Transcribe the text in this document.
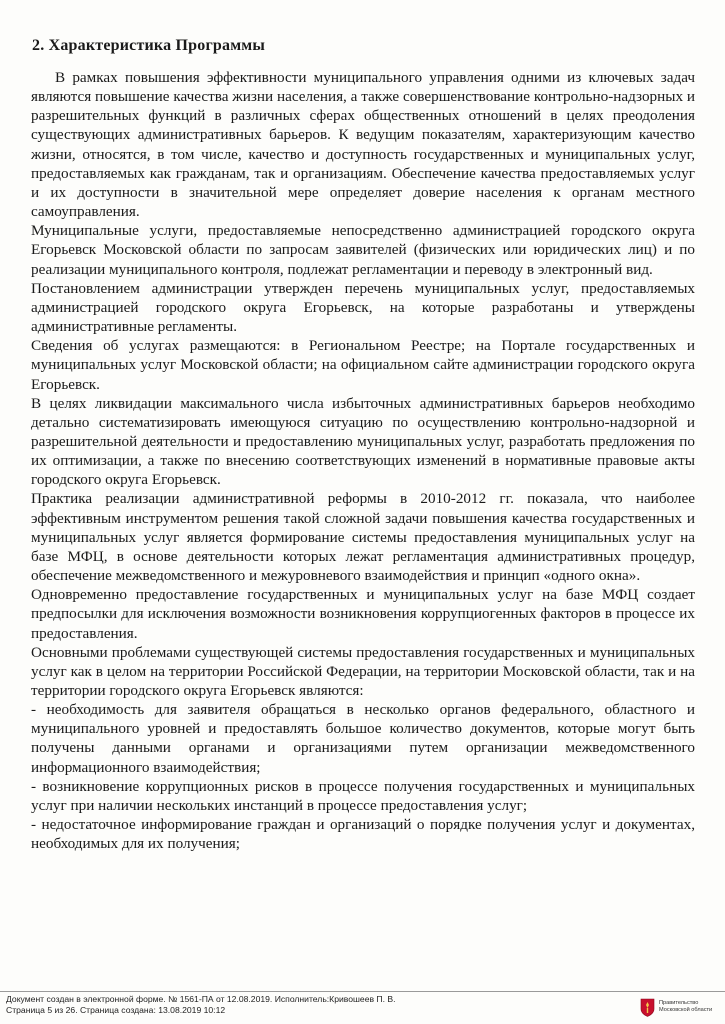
2. Характеристика Программы

В рамках повышения эффективности муниципального управления одними из ключевых задач являются повышение качества жизни населения, а также совершенствование контрольно-надзорных и разрешительных функций в различных сферах общественных отношений в целях преодоления существующих административных барьеров. К ведущим показателям, характеризующим качество жизни, относятся, в том числе, качество и доступность государственных и муниципальных услуг, предоставляемых как гражданам, так и организациям. Обеспечение качества предоставляемых услуг и их доступности в значительной мере определяет доверие населения к органам местного самоуправления.

Муниципальные услуги, предоставляемые непосредственно администрацией городского округа Егорьевск Московской области по запросам заявителей (физических или юридических лиц) и по реализации муниципального контроля, подлежат регламентации и переводу в электронный вид.

Постановлением администрации утвержден перечень муниципальных услуг, предоставляемых администрацией городского округа Егорьевск, на которые разработаны и утверждены административные регламенты.

Сведения об услугах размещаются: в Региональном Реестре; на Портале государственных и муниципальных услуг Московской области; на официальном сайте администрации городского округа Егорьевск.

В целях ликвидации максимального числа избыточных административных барьеров необходимо детально систематизировать имеющуюся ситуацию по осуществлению контрольно-надзорной и разрешительной деятельности и предоставлению муниципальных услуг, разработать предложения по их оптимизации, а также по внесению соответствующих изменений в нормативные правовые акты городского округа Егорьевск.

Практика реализации административной реформы в 2010-2012 гг. показала, что наиболее эффективным инструментом решения такой сложной задачи повышения качества государственных и муниципальных услуг является формирование системы предоставления муниципальных услуг на базе МФЦ, в основе деятельности которых лежат регламентация административных процедур, обеспечение межведомственного и межуровневого взаимодействия и принцип «одного окна».

Одновременно предоставление государственных и муниципальных услуг на базе МФЦ создает предпосылки для исключения возможности возникновения коррупциогенных факторов в процессе их предоставления.

Основными проблемами существующей системы предоставления государственных и муниципальных услуг как в целом на территории Российской Федерации, на территории Московской области, так и на территории городского округа Егорьевск являются:

- необходимость для заявителя обращаться в несколько органов федерального, областного и муниципального уровней и предоставлять большое количество документов, которые могут быть получены данными органами и организациями путем организации межведомственного информационного взаимодействия;

- возникновение коррупционных рисков в процессе получения государственных и муниципальных услуг при наличии нескольких инстанций в процессе предоставления услуг;

- недостаточное информирование граждан и организаций о порядке получения услуг и документах, необходимых для их получения;

Документ создан в электронной форме. № 1561-ПА от 12.08.2019. Исполнитель:Кривошеев П. В.
Страница 5 из 26. Страница создана: 13.08.2019 10:12
Правительство
Московской области
